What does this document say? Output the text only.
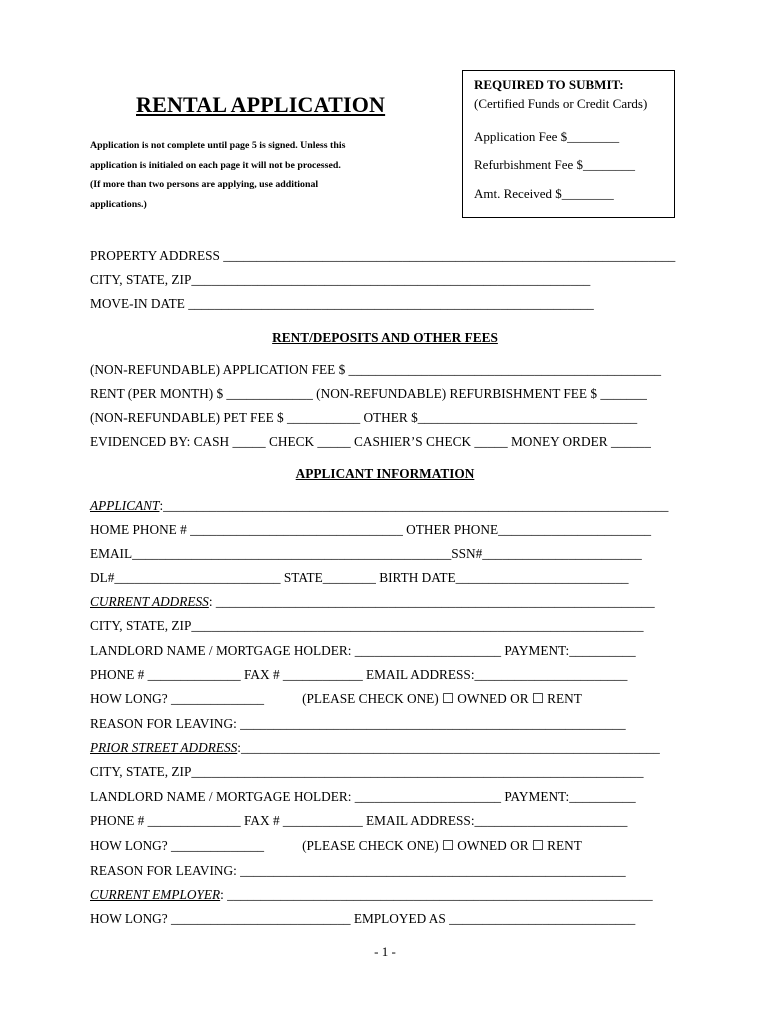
RENTAL APPLICATION
Application is not complete until page 5 is signed. Unless this
application is initialed on each page it will not be processed.
(If more than two persons are applying, use additional
applications.)
REQUIRED TO SUBMIT:
(Certified Funds or Credit Cards)
Application Fee $________
Refurbishment Fee $________
Amt. Received $________
PROPERTY ADDRESS ____________________________________________________________________
CITY, STATE, ZIP____________________________________________________________
MOVE-IN DATE _____________________________________________________________
RENT/DEPOSITS AND OTHER FEES
(NON-REFUNDABLE) APPLICATION FEE $ _______________________________________________
RENT (PER MONTH) $ _____________ (NON-REFUNDABLE) REFURBISHMENT FEE $ _______
(NON-REFUNDABLE) PET FEE $ ___________ OTHER $_________________________________
EVIDENCED BY: CASH _____ CHECK _____ CASHIER’S CHECK _____ MONEY ORDER ______
APPLICANT INFORMATION
APPLICANT:____________________________________________________________________________
HOME PHONE # ________________________________ OTHER PHONE_______________________
EMAIL________________________________________________SSN#________________________
DL#_________________________ STATE________ BIRTH DATE__________________________
CURRENT ADDRESS: __________________________________________________________________
CITY, STATE, ZIP____________________________________________________________________
LANDLORD NAME / MORTGAGE HOLDER: ______________________ PAYMENT:__________
PHONE # ______________ FAX # ____________ EMAIL ADDRESS:_______________________
HOW LONG? ______________	(PLEASE CHECK ONE) ☐ OWNED OR ☐ RENT
REASON FOR LEAVING: __________________________________________________________
PRIOR STREET ADDRESS:_______________________________________________________________
CITY, STATE, ZIP____________________________________________________________________
LANDLORD NAME / MORTGAGE HOLDER: ______________________ PAYMENT:__________
PHONE # ______________ FAX # ____________ EMAIL ADDRESS:_______________________
HOW LONG? ______________	(PLEASE CHECK ONE) ☐ OWNED OR ☐ RENT
REASON FOR LEAVING: __________________________________________________________
CURRENT EMPLOYER: ________________________________________________________________
HOW LONG? ___________________________ EMPLOYED AS ____________________________
- 1 -
